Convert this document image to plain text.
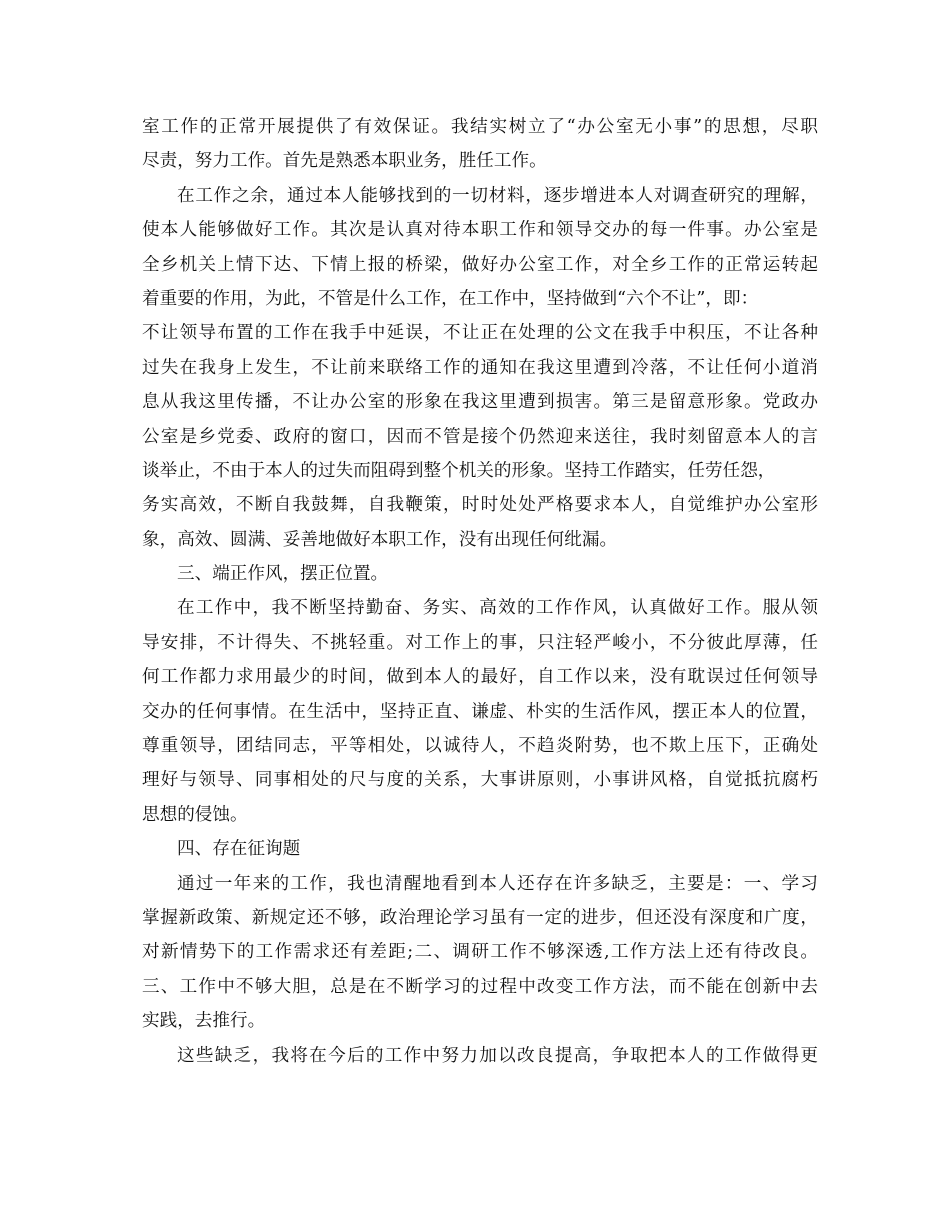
室工作的正常开展提供了有效保证。我结实树立了“办公室无小事”的思想，尽职
尽责，努力工作。首先是熟悉本职业务，胜任工作。
在工作之余，通过本人能够找到的一切材料，逐步增进本人对调查研究的理解，
使本人能够做好工作。其次是认真对待本职工作和领导交办的每一件事。办公室是
全乡机关上情下达、下情上报的桥梁，做好办公室工作，对全乡工作的正常运转起
着重要的作用，为此，不管是什么工作，在工作中，坚持做到“六个不让”，即：
不让领导布置的工作在我手中延误，不让正在处理的公文在我手中积压，不让各种
过失在我身上发生，不让前来联络工作的通知在我这里遭到冷落，不让任何小道消
息从我这里传播，不让办公室的形象在我这里遭到损害。第三是留意形象。党政办
公室是乡党委、政府的窗口，因而不管是接个仍然迎来送往，我时刻留意本人的言
谈举止，不由于本人的过失而阻碍到整个机关的形象。坚持工作踏实，任劳任怨，
务实高效，不断自我鼓舞，自我鞭策，时时处处严格要求本人，自觉维护办公室形
象，高效、圆满、妥善地做好本职工作，没有出现任何纰漏。
三、端正作风，摆正位置。
在工作中，我不断坚持勤奋、务实、高效的工作作风，认真做好工作。服从领
导安排，不计得失、不挑轻重。对工作上的事，只注轻严峻小，不分彼此厚薄，任
何工作都力求用最少的时间，做到本人的最好，自工作以来，没有耽误过任何领导
交办的任何事情。在生活中，坚持正直、谦虚、朴实的生活作风，摆正本人的位置，
尊重领导，团结同志，平等相处，以诚待人，不趋炎附势，也不欺上压下，正确处
理好与领导、同事相处的尺与度的关系，大事讲原则，小事讲风格，自觉抵抗腐朽
思想的侵蚀。
四、存在征询题
通过一年来的工作，我也清醒地看到本人还存在许多缺乏，主要是：一、学习
掌握新政策、新规定还不够，政治理论学习虽有一定的进步，但还没有深度和广度，
对新情势下的工作需求还有差距;二、调研工作不够深透,工作方法上还有待改良。
三、工作中不够大胆，总是在不断学习的过程中改变工作方法，而不能在创新中去
实践，去推行。
这些缺乏，我将在今后的工作中努力加以改良提高，争取把本人的工作做得更
